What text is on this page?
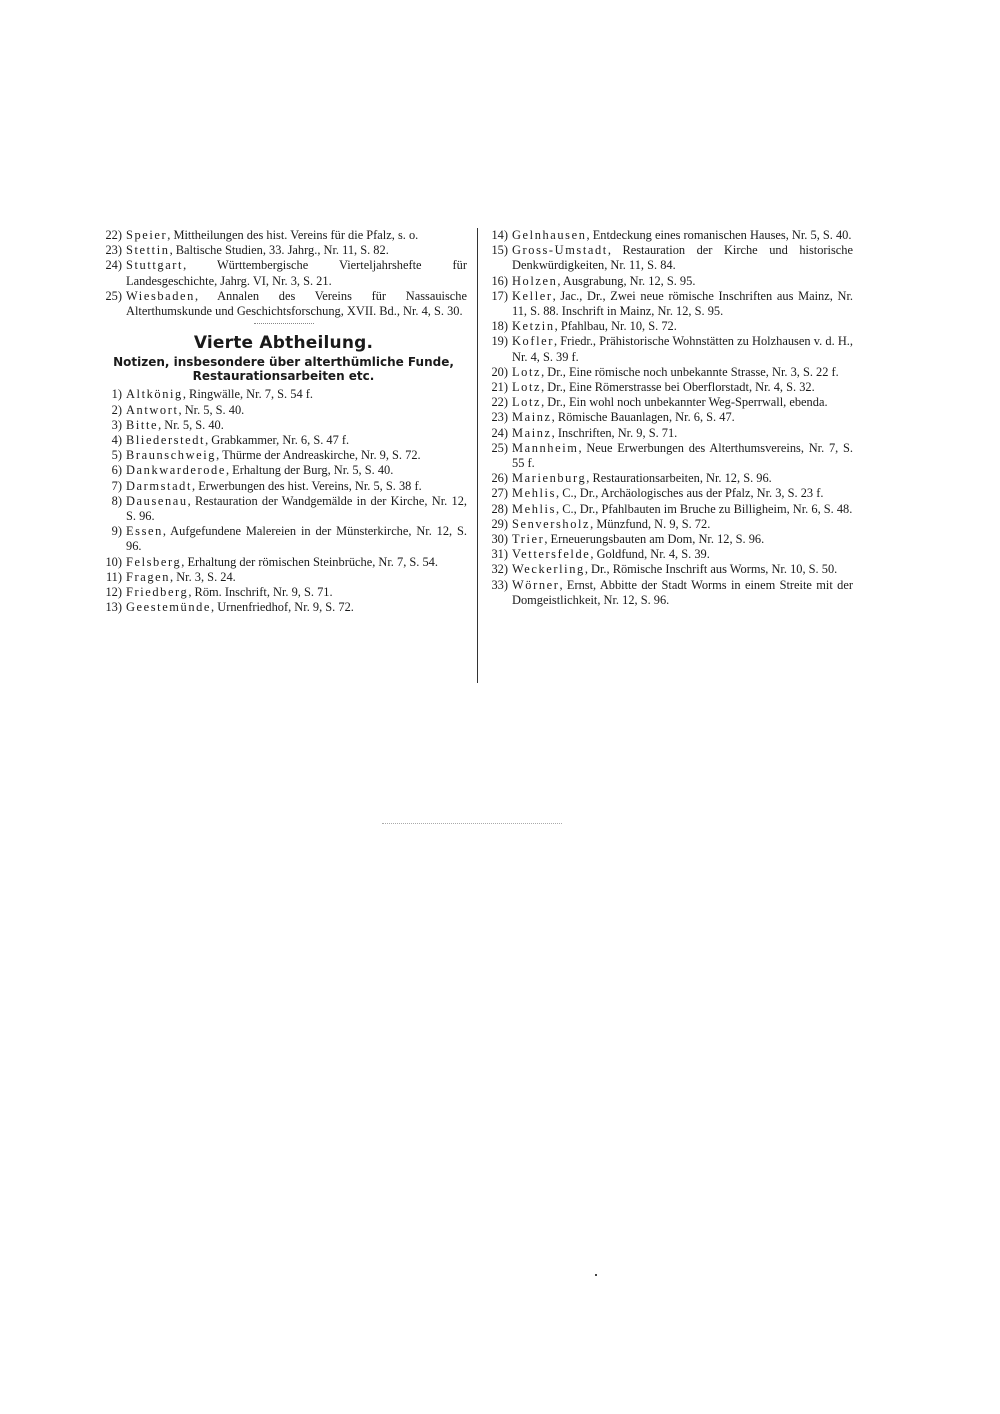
22) Speier, Mittheilungen des hist. Vereins für die Pfalz, s. o.
23) Stettin, Baltische Studien, 33. Jahrg., Nr. 11, S. 82.
24) Stuttgart, Württembergische Vierteljahrshefte für Landesgeschichte, Jahrg. VI, Nr. 3, S. 21.
25) Wiesbaden, Annalen des Vereins für Nassauische Alterthumskunde und Geschichtsforschung, XVII. Bd., Nr. 4, S. 30.
Vierte Abtheilung.
Notizen, insbesondere über alterthümliche Funde, Restaurationsarbeiten etc.
1) Altkönig, Ringwälle, Nr. 7, S. 54 f.
2) Antwort, Nr. 5, S. 40.
3) Bitte, Nr. 5, S. 40.
4) Bliederstedt, Grabkammer, Nr. 6, S. 47 f.
5) Braunschweig, Thürme der Andreaskirche, Nr. 9, S. 72.
6) Dankwarderode, Erhaltung der Burg, Nr. 5, S. 40.
7) Darmstadt, Erwerbungen des hist. Vereins, Nr. 5, S. 38 f.
8) Dausenau, Restauration der Wandgemälde in der Kirche, Nr. 12, S. 96.
9) Essen, Aufgefundene Malereien in der Münsterkirche, Nr. 12, S. 96.
10) Felsberg, Erhaltung der römischen Steinbrüche, Nr. 7, S. 54.
11) Fragen, Nr. 3, S. 24.
12) Friedberg, Röm. Inschrift, Nr. 9, S. 71.
13) Geestemünde, Urnenfriedhof, Nr. 9, S. 72.
14) Gelnhausen, Entdeckung eines romanischen Hauses, Nr. 5, S. 40.
15) Gross-Umstadt, Restauration der Kirche und historische Denkwürdigkeiten, Nr. 11, S. 84.
16) Holzen, Ausgrabung, Nr. 12, S. 95.
17) Keller, Jac., Dr., Zwei neue römische Inschriften aus Mainz, Nr. 11, S. 88. Inschrift in Mainz, Nr. 12, S. 95.
18) Ketzin, Pfahlbau, Nr. 10, S. 72.
19) Kofler, Friedr., Prähistorische Wohnstätten zu Holzhausen v. d. H., Nr. 4, S. 39 f.
20) Lotz, Dr., Eine römische noch unbekannte Strasse, Nr. 3, S. 22 f.
21) Lotz, Dr., Eine Römerstrasse bei Oberflorstadt, Nr. 4, S. 32.
22) Lotz, Dr., Ein wohl noch unbekannter Weg-Sperrwall, ebenda.
23) Mainz, Römische Bauanlagen, Nr. 6, S. 47.
24) Mainz, Inschriften, Nr. 9, S. 71.
25) Mannheim, Neue Erwerbungen des Alterthumsvereins, Nr. 7, S. 55 f.
26) Marienburg, Restaurationsarbeiten, Nr. 12, S. 96.
27) Mehlis, C., Dr., Archäologisches aus der Pfalz, Nr. 3, S. 23 f.
28) Mehlis, C., Dr., Pfahlbauten im Bruche zu Billigheim, Nr. 6, S. 48.
29) Senversholz, Münzfund, N. 9, S. 72.
30) Trier, Erneuerungsbauten am Dom, Nr. 12, S. 96.
31) Vettersfelde, Goldfund, Nr. 4, S. 39.
32) Weckerling, Dr., Römische Inschrift aus Worms, Nr. 10, S. 50.
33) Wörner, Ernst, Abbitte der Stadt Worms in einem Streite mit der Domgeistlichkeit, Nr. 12, S. 96.
